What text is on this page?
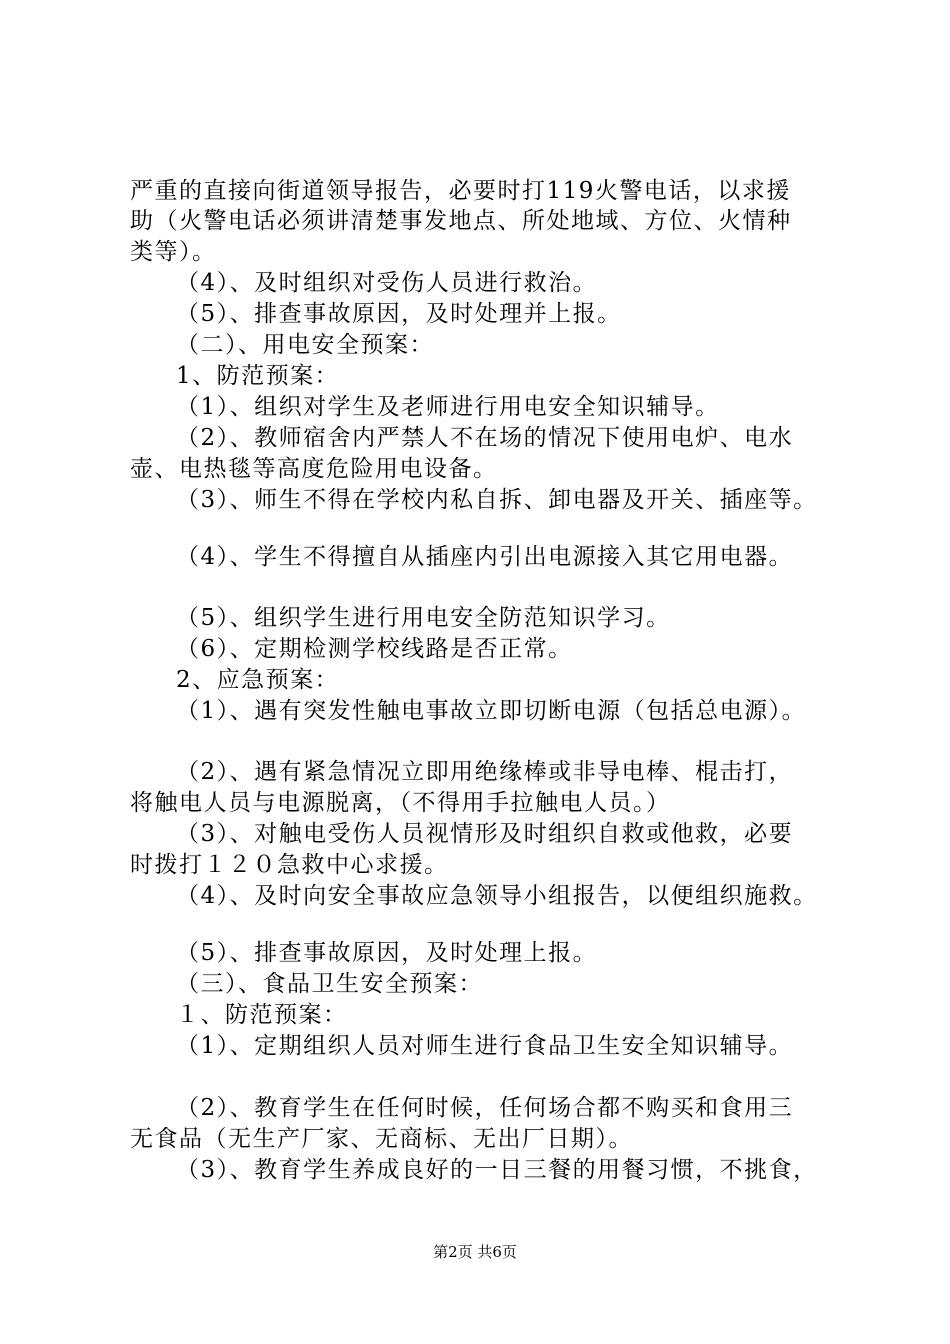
严重的直接向街道领导报告，必要时打119火警电话，以求援
助（火警电话必须讲清楚事发地点、所处地域、方位、火情种
类等）。
（4）、及时组织对受伤人员进行救治。
（5）、排查事故原因，及时处理并上报。
（二）、用电安全预案：
1、防范预案：
（1）、组织对学生及老师进行用电安全知识辅导。
（2）、教师宿舍内严禁人不在场的情况下使用电炉、电水
壶、电热毯等高度危险用电设备。
（3）、师生不得在学校内私自拆、卸电器及开关、插座等。
（4）、学生不得擅自从插座内引出电源接入其它用电器。
（5）、组织学生进行用电安全防范知识学习。
（6）、定期检测学校线路是否正常。
2、应急预案：
（1）、遇有突发性触电事故立即切断电源（包括总电源）。
（2）、遇有紧急情况立即用绝缘棒或非导电棒、棍击打，
将触电人员与电源脱离，（不得用手拉触电人员。）
（3）、对触电受伤人员视情形及时组织自救或他救，必要
时拨打１２０急救中心求援。
（4）、及时向安全事故应急领导小组报告，以便组织施救。
（5）、排查事故原因，及时处理上报。
（三）、食品卫生安全预案：
１、防范预案：
（1）、定期组织人员对师生进行食品卫生安全知识辅导。
（2）、教育学生在任何时候，任何场合都不购买和食用三
无食品（无生产厂家、无商标、无出厂日期）。
（3）、教育学生养成良好的一日三餐的用餐习惯，不挑食，
第2页 共6页
